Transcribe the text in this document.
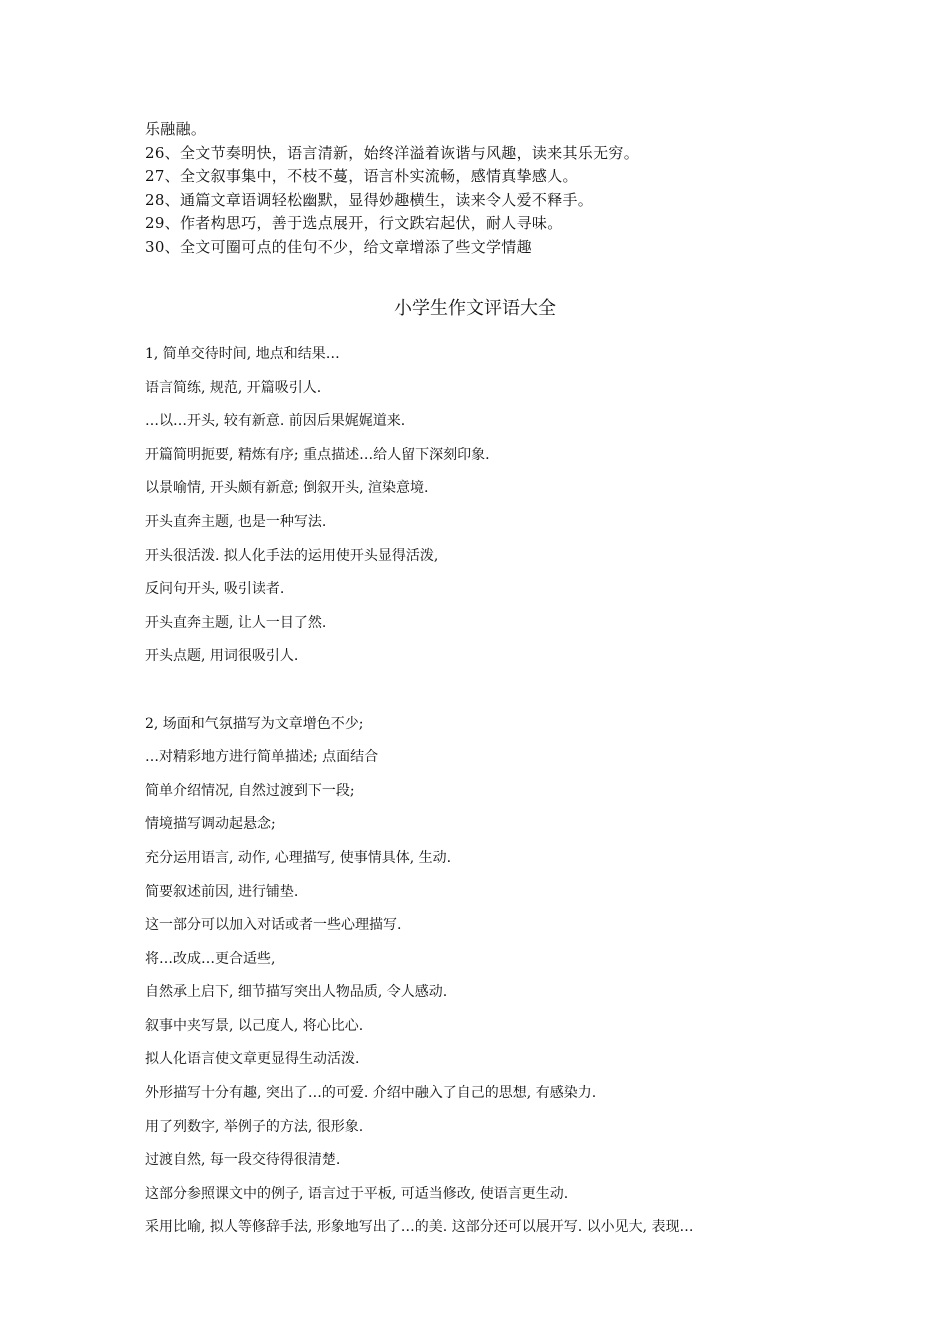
乐融融。
26、全文节奏明快，语言清新，始终洋溢着诙谐与风趣，读来其乐无穷。
27、全文叙事集中，不枝不蔓，语言朴实流畅，感情真挚感人。
28、通篇文章语调轻松幽默，显得妙趣横生，读来令人爱不释手。
29、作者构思巧，善于选点展开，行文跌宕起伏，耐人寻味。
30、全文可圈可点的佳句不少，给文章增添了些文学情趣
小学生作文评语大全
1, 简单交待时间, 地点和结果…
语言简练, 规范, 开篇吸引人.
…以…开头, 较有新意. 前因后果娓娓道来.
开篇简明扼要, 精炼有序; 重点描述…给人留下深刻印象.
以景喻情, 开头颇有新意; 倒叙开头, 渲染意境.
开头直奔主题, 也是一种写法.
开头很活泼. 拟人化手法的运用使开头显得活泼,
反问句开头, 吸引读者.
开头直奔主题, 让人一目了然.
开头点题, 用词很吸引人.
2, 场面和气氛描写为文章增色不少;
…对精彩地方进行简单描述; 点面结合
简单介绍情况, 自然过渡到下一段;
情境描写调动起悬念;
充分运用语言, 动作, 心理描写, 使事情具体, 生动.
简要叙述前因, 进行铺垫.
这一部分可以加入对话或者一些心理描写.
将…改成…更合适些,
自然承上启下, 细节描写突出人物品质, 令人感动.
叙事中夹写景, 以己度人, 将心比心.
拟人化语言使文章更显得生动活泼.
外形描写十分有趣, 突出了…的可爱. 介绍中融入了自己的思想, 有感染力.
用了列数字, 举例子的方法, 很形象.
过渡自然, 每一段交待得很清楚.
这部分参照课文中的例子, 语言过于平板, 可适当修改, 使语言更生动.
采用比喻, 拟人等修辞手法, 形象地写出了…的美. 这部分还可以展开写. 以小见大, 表现…
